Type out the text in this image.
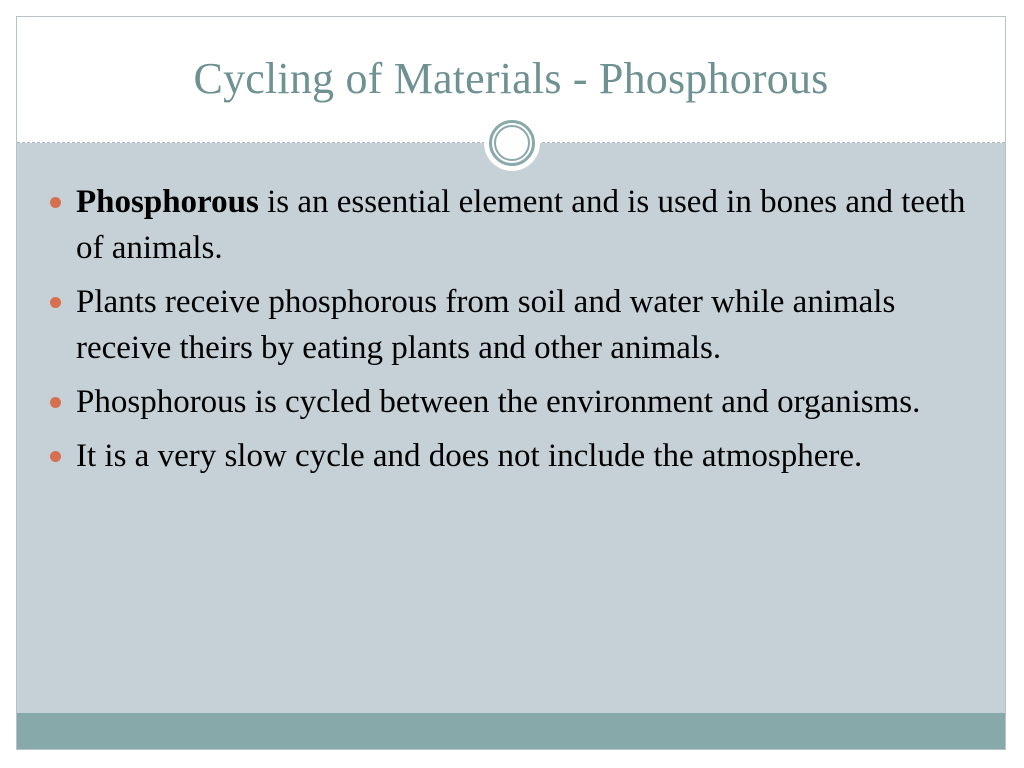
Cycling of Materials - Phosphorous
Phosphorous is an essential element and is used in bones and teeth of animals.
Plants receive phosphorous from soil and water while animals receive theirs by eating plants and other animals.
Phosphorous is cycled between the environment and organisms.
It is a very slow cycle and does not include the atmosphere.
